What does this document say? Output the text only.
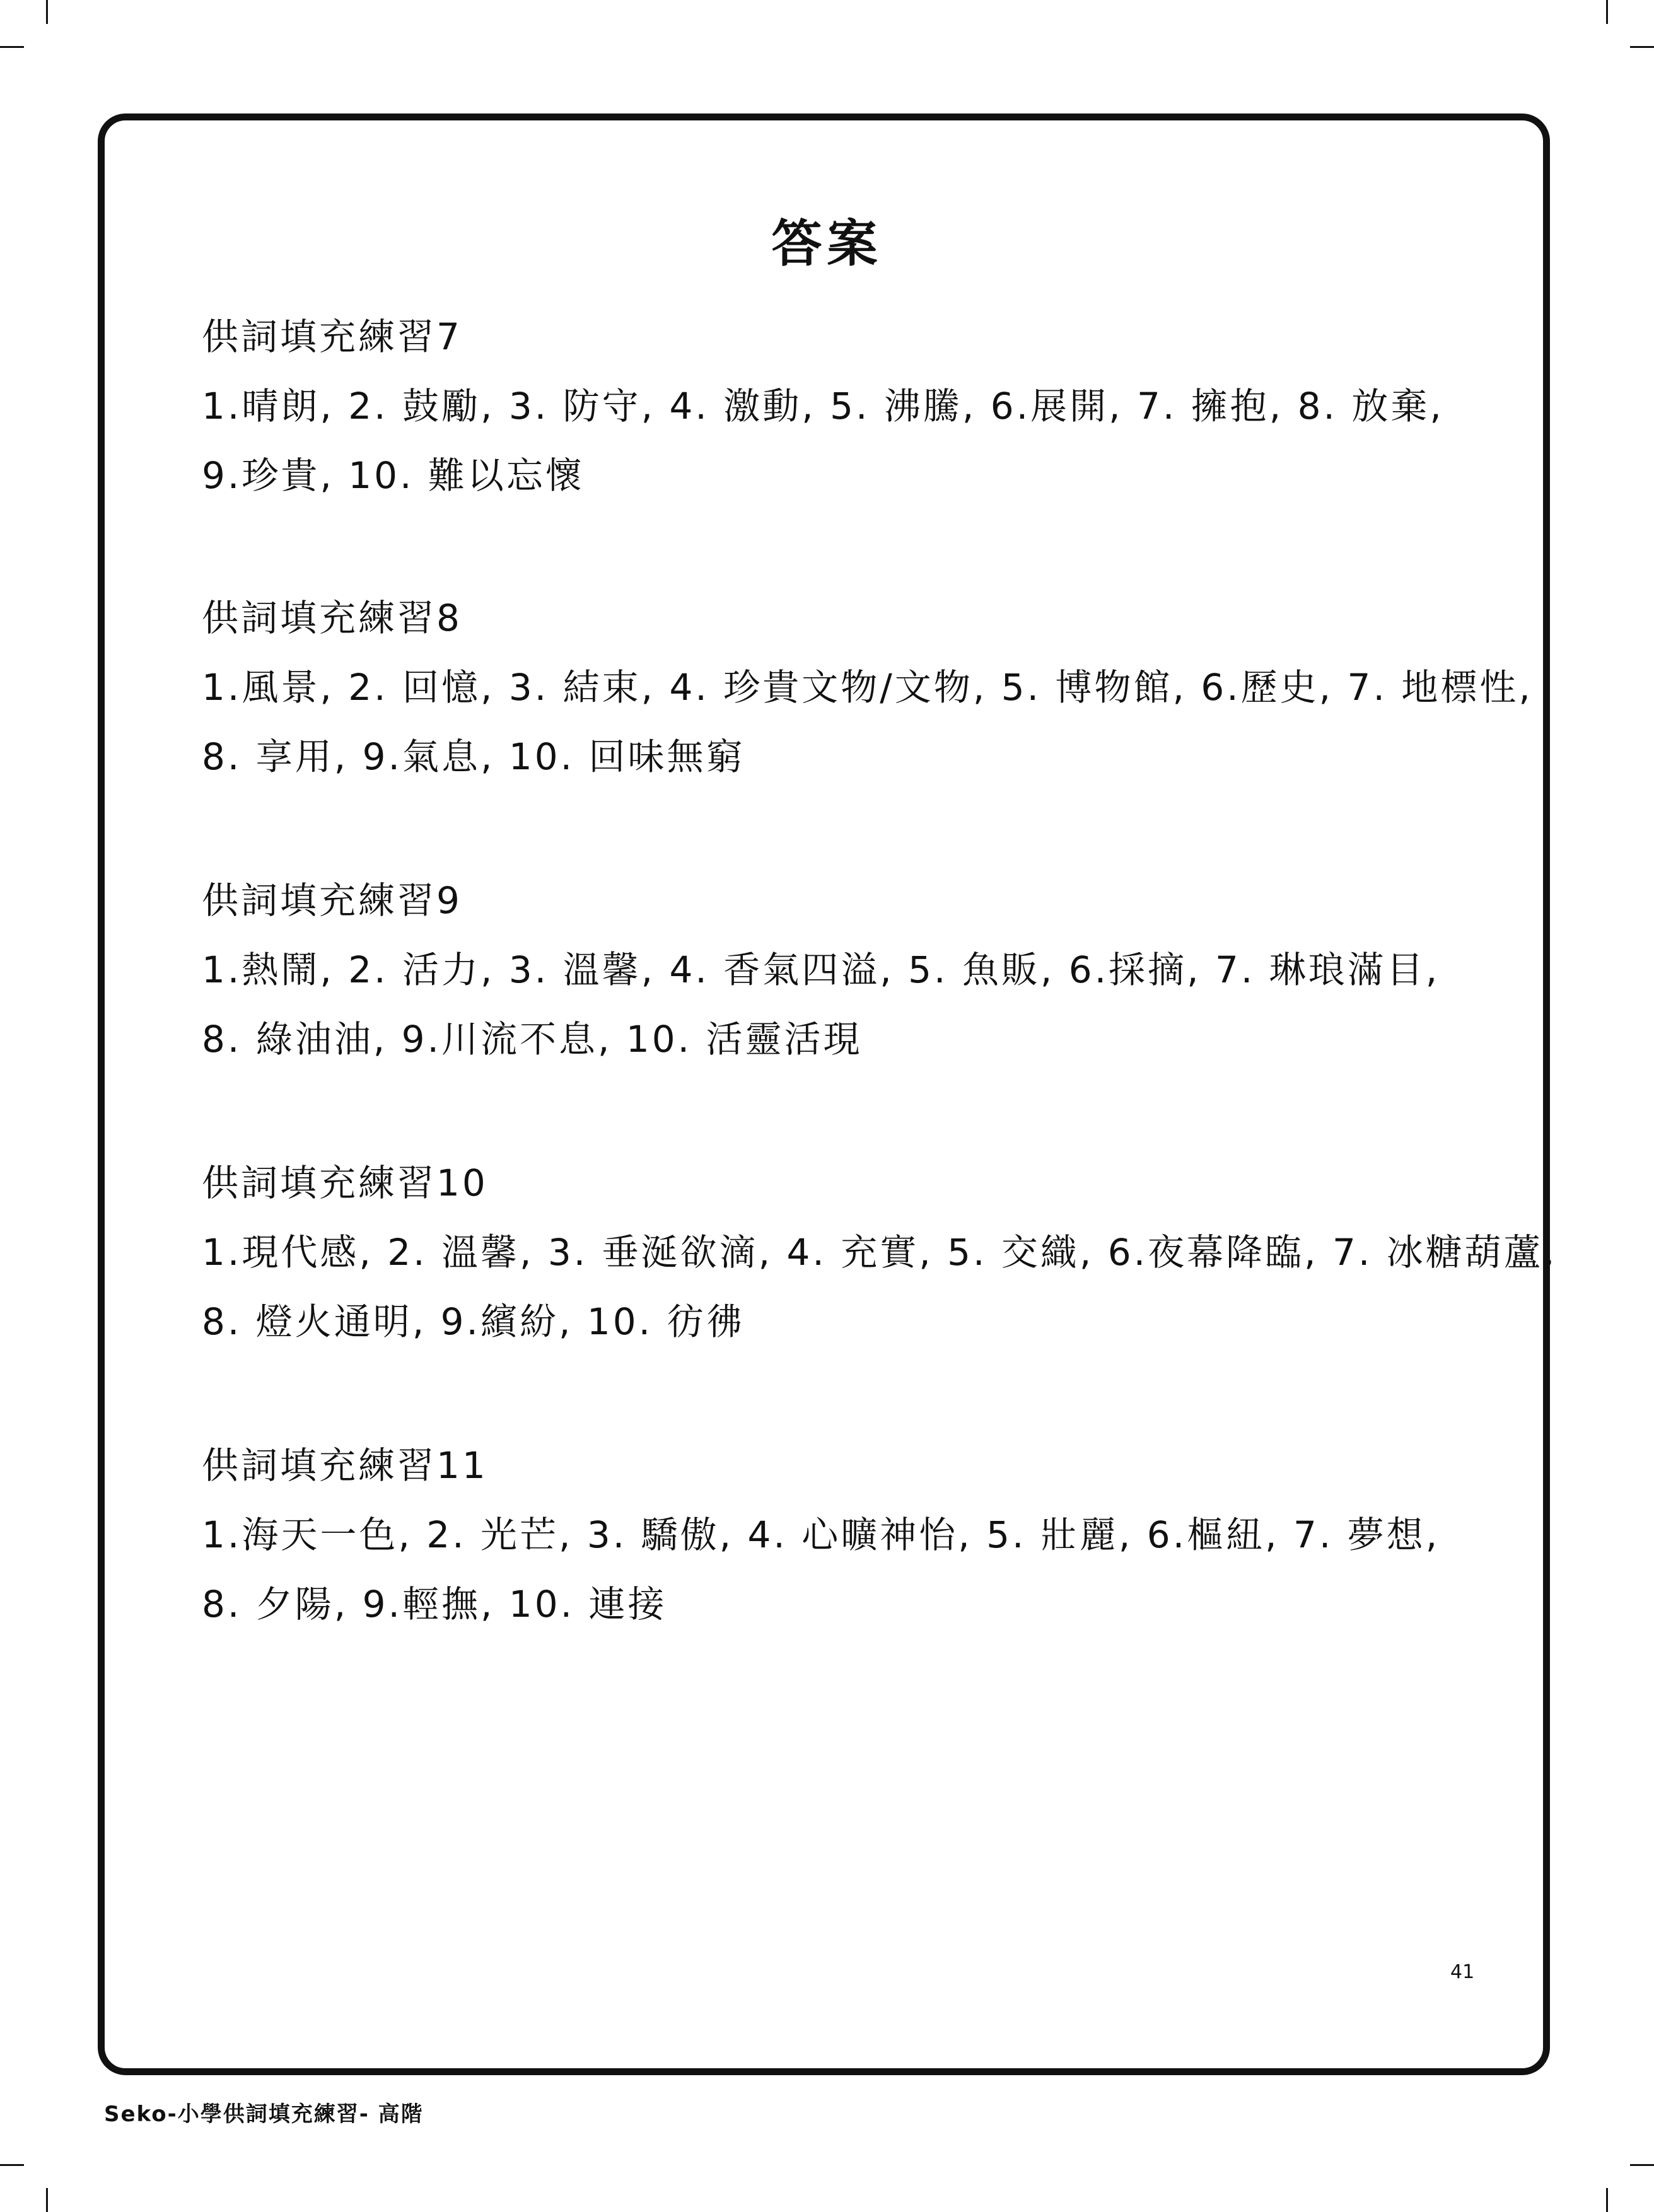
答案

供詞填充練習7

1.晴朗, 2. 鼓勵, 3. 防守, 4. 激動, 5. 沸騰, 6.展開, 7. 擁抱, 8. 放棄,

9.珍貴, 10. 難以忘懷

供詞填充練習8

1.風景, 2. 回憶, 3. 結束, 4. 珍貴文物/文物, 5. 博物館, 6.歷史, 7. 地標性,

8. 享用, 9.氣息, 10. 回味無窮

供詞填充練習9

1.熱鬧, 2. 活力, 3. 溫馨, 4. 香氣四溢, 5. 魚販, 6.採摘, 7. 琳琅滿目,

8. 綠油油, 9.川流不息, 10. 活靈活現

供詞填充練習10

1.現代感, 2. 溫馨, 3. 垂涎欲滴, 4. 充實, 5. 交織, 6.夜幕降臨, 7. 冰糖葫蘆,

8. 燈火通明, 9.繽紛, 10. 彷彿

供詞填充練習11

1.海天一色, 2. 光芒, 3. 驕傲, 4. 心曠神怡, 5. 壯麗, 6.樞紐, 7. 夢想,

8. 夕陽, 9.輕撫, 10. 連接

41
Seko-小學供詞填充練習- 高階
